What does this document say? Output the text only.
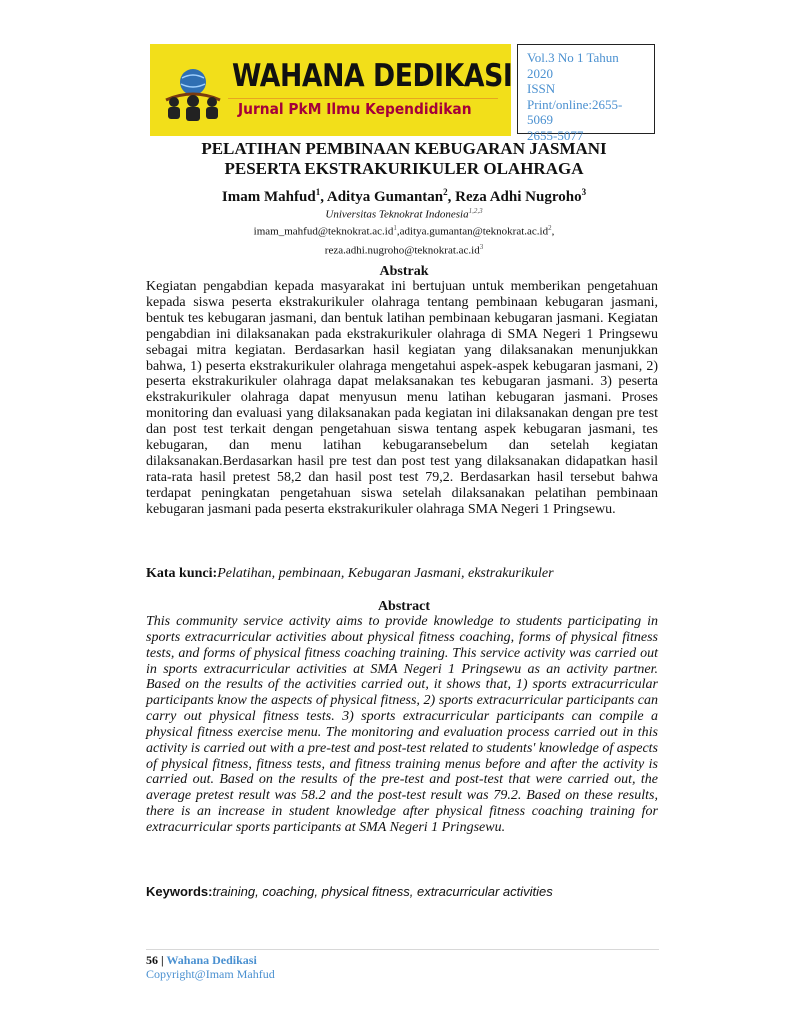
WAHANA DEDIKASI
Jurnal PkM Ilmu Kependidikan
Vol.3 No 1 Tahun
2020
ISSN
Print/online:2655-
5069
2655-5077
PELATIHAN PEMBINAAN KEBUGARAN JASMANI
PESERTA EKSTRAKURIKULER OLAHRAGA
Imam Mahfud$^1$, Aditya Gumantan$^2$, Reza Adhi Nugroho$^3$
Universitas Teknokrat Indonesia$^{1,2,3}$
$imam\_mahfud@teknokrat.ac.id^1,aditya.gumantan@teknokrat.ac.id^2$,
$reza.adhi.nugroho@teknokrat.ac.id^3$
Abstrak
Kegiatan pengabdian kepada masyarakat ini bertujuan untuk memberikan pengetahuan kepada siswa peserta ekstrakurikuler olahraga tentang pembinaan kebugaran jasmani, bentuk tes kebugaran jasmani, dan bentuk latihan pembinaan kebugaran jasmani. Kegiatan pengabdian ini dilaksanakan pada ekstrakurikuler olahraga di SMA Negeri 1 Pringsewu sebagai mitra kegiatan. Berdasarkan hasil kegiatan yang dilaksanakan menunjukkan bahwa, 1) peserta ekstrakurikuler olahraga mengetahui aspek-aspek kebugaran jasmani, 2) peserta ekstrakurikuler olahraga dapat melaksanakan tes kebugaran jasmani. 3) peserta ekstrakurikuler olahraga dapat menyusun menu latihan kebugaran jasmani. Proses monitoring dan evaluasi yang dilaksanakan pada kegiatan ini dilaksanakan dengan pre test dan post test terkait dengan pengetahuan siswa tentang aspek kebugaran jasmani, tes kebugaran, dan menu latihan kebugaransebelum dan setelah kegiatan dilaksanakan.Berdasarkan hasil pre test dan post test yang dilaksanakan didapatkan hasil rata-rata hasil pretest 58,2 dan hasil post test 79,2. Berdasarkan hasil tersebut bahwa terdapat peningkatan pengetahuan siswa setelah dilaksanakan pelatihan pembinaan kebugaran jasmani pada peserta ekstrakurikuler olahraga SMA Negeri 1 Pringsewu.
Kata kunci:Pelatihan, pembinaan, Kebugaran Jasmani, ekstrakurikuler
Abstract
This community service activity aims to provide knowledge to students participating in sports extracurricular activities about physical fitness coaching, forms of physical fitness tests, and forms of physical fitness coaching training. This service activity was carried out in sports extracurricular activities at SMA Negeri 1 Pringsewu as an activity partner. Based on the results of the activities carried out, it shows that, 1) sports extracurricular participants know the aspects of physical fitness, 2) sports extracurricular participants can carry out physical fitness tests. 3) sports extracurricular participants can compile a physical fitness exercise menu. The monitoring and evaluation process carried out in this activity is carried out with a pre-test and post-test related to students' knowledge of aspects of physical fitness, fitness tests, and fitness training menus before and after the activity is carried out. Based on the results of the pre-test and post-test that were carried out, the average pretest result was 58.2 and the post-test result was 79.2. Based on these results, there is an increase in student knowledge after physical fitness coaching training for extracurricular sports participants at SMA Negeri 1 Pringsewu.
Keywords:training, coaching, physical fitness, extracurricular activities
56 | Wahana Dedikasi
Copyright@Imam Mahfud
